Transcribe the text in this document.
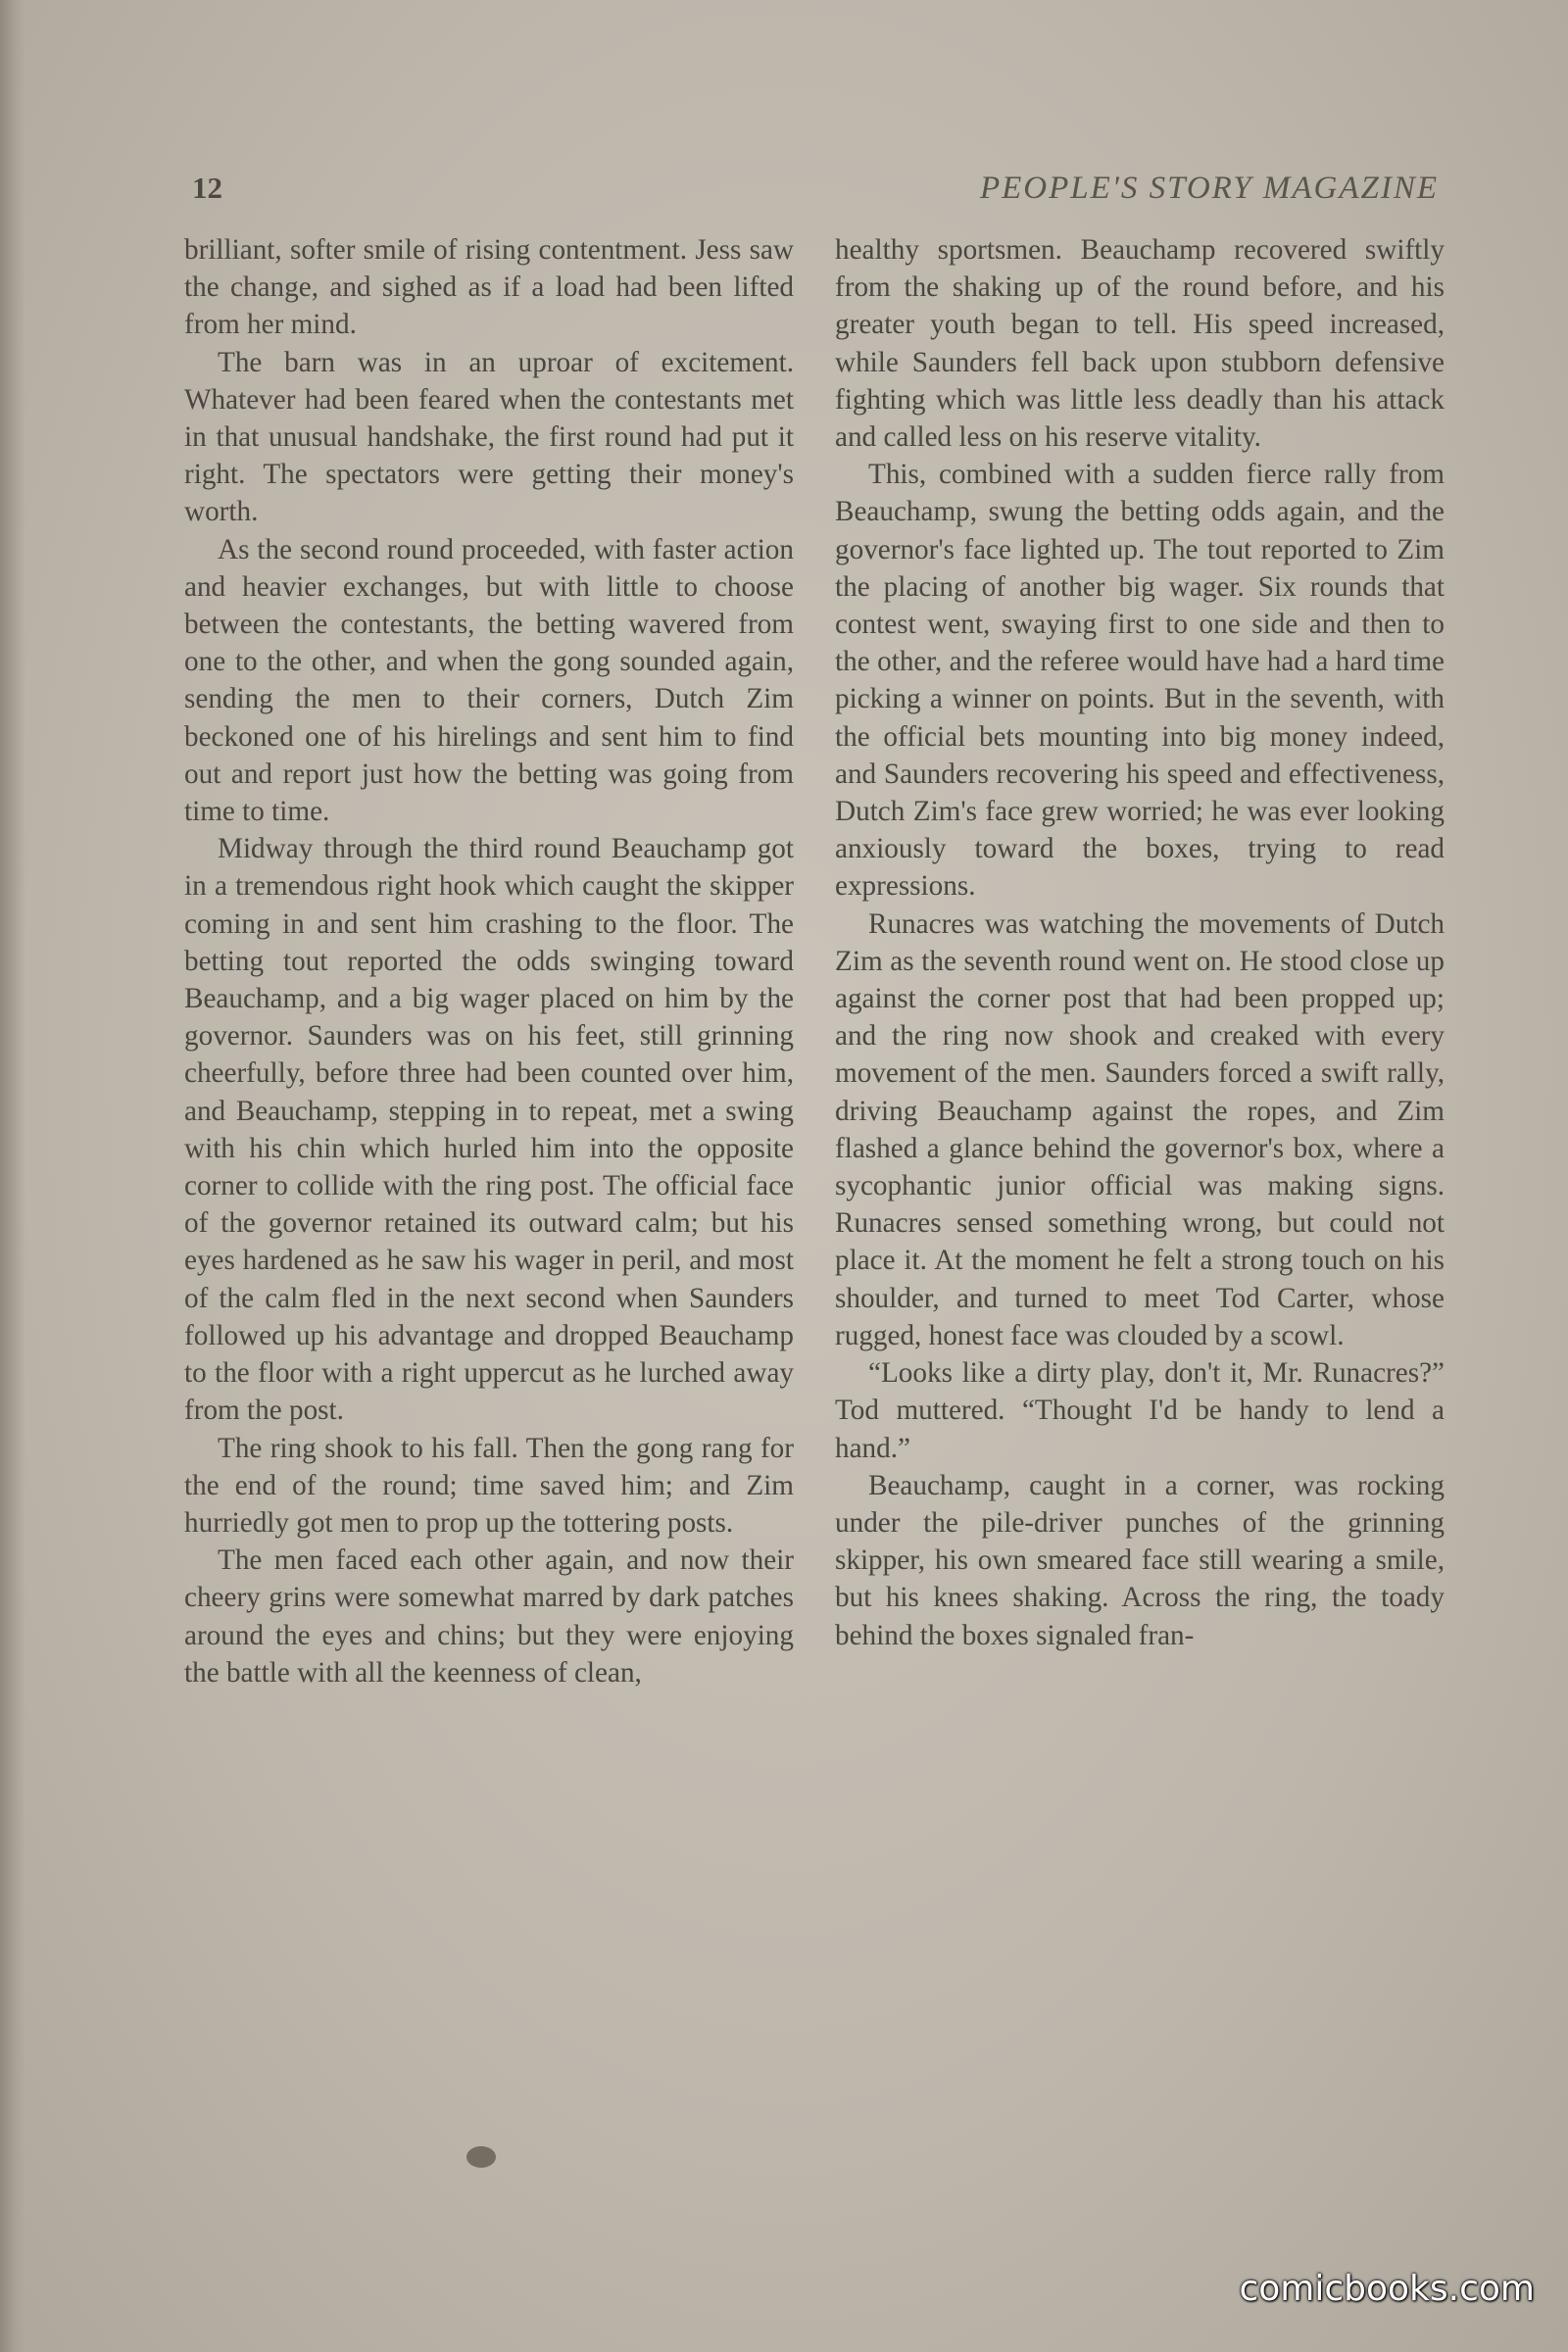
12	PEOPLE'S STORY MAGAZINE

brilliant, softer smile of rising contentment. Jess saw the change, and sighed as if a load had been lifted from her mind.

The barn was in an uproar of excitement. Whatever had been feared when the contestants met in that unusual handshake, the first round had put it right. The spectators were getting their money's worth.

As the second round proceeded, with faster action and heavier exchanges, but with little to choose between the contestants, the betting wavered from one to the other, and when the gong sounded again, sending the men to their corners, Dutch Zim beckoned one of his hirelings and sent him to find out and report just how the betting was going from time to time.

Midway through the third round Beauchamp got in a tremendous right hook which caught the skipper coming in and sent him crashing to the floor. The betting tout reported the odds swinging toward Beauchamp, and a big wager placed on him by the governor. Saunders was on his feet, still grinning cheerfully, before three had been counted over him, and Beauchamp, stepping in to repeat, met a swing with his chin which hurled him into the opposite corner to collide with the ring post. The official face of the governor retained its outward calm; but his eyes hardened as he saw his wager in peril, and most of the calm fled in the next second when Saunders followed up his advantage and dropped Beauchamp to the floor with a right uppercut as he lurched away from the post.

The ring shook to his fall. Then the gong rang for the end of the round; time saved him; and Zim hurriedly got men to prop up the tottering posts.

The men faced each other again, and now their cheery grins were somewhat marred by dark patches around the eyes and chins; but they were enjoying the battle with all the keenness of clean,

healthy sportsmen. Beauchamp recovered swiftly from the shaking up of the round before, and his greater youth began to tell. His speed increased, while Saunders fell back upon stubborn defensive fighting which was little less deadly than his attack and called less on his reserve vitality.

This, combined with a sudden fierce rally from Beauchamp, swung the betting odds again, and the governor's face lighted up. The tout reported to Zim the placing of another big wager. Six rounds that contest went, swaying first to one side and then to the other, and the referee would have had a hard time picking a winner on points. But in the seventh, with the official bets mounting into big money indeed, and Saunders recovering his speed and effectiveness, Dutch Zim's face grew worried; he was ever looking anxiously toward the boxes, trying to read expressions.

Runacres was watching the movements of Dutch Zim as the seventh round went on. He stood close up against the corner post that had been propped up; and the ring now shook and creaked with every movement of the men. Saunders forced a swift rally, driving Beauchamp against the ropes, and Zim flashed a glance behind the governor's box, where a sycophantic junior official was making signs. Runacres sensed something wrong, but could not place it. At the moment he felt a strong touch on his shoulder, and turned to meet Tod Carter, whose rugged, honest face was clouded by a scowl.

“Looks like a dirty play, don't it, Mr. Runacres?” Tod muttered. “Thought I'd be handy to lend a hand.”

Beauchamp, caught in a corner, was rocking under the pile-driver punches of the grinning skipper, his own smeared face still wearing a smile, but his knees shaking. Across the ring, the toady behind the boxes signaled fran-

comicbooks.com
